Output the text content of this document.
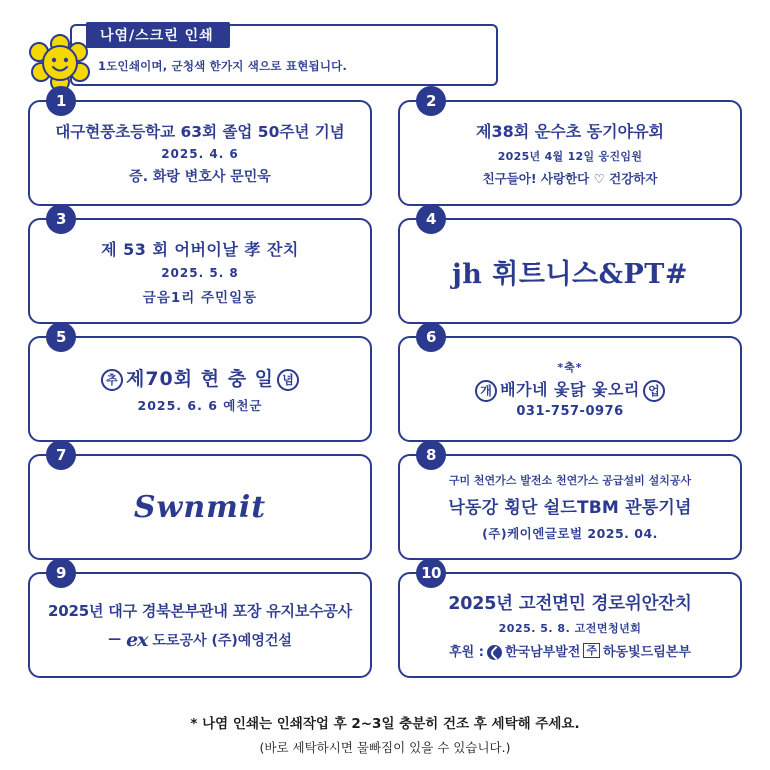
나염/스크린 인쇄
1도인쇄이며, 군청색 한가지 색으로 표현됩니다.
1
대구현풍초등학교 63회 졸업 50주년 기념
2025. 4. 6
증. 화랑 변호사 문민욱
2
제38회 운수초 동기야유회
2025년 4월 12일 웅진임원
친구들아! 사랑한다 ♡ 건강하자
3
제 53 회 어버이날 孝 잔치
2025. 5. 8
금음1리 주민일동
4
jh 휘트니스&PT#
5
추 제70회 현 충 일 념
2025. 6. 6 예천군
6
*축*
개 배가네 옻닭 옻오리 업
031-757-0976
7
Swnmit
8
구미 천연가스 발전소 천연가스 공급설비 설치공사
낙동강 횡단 쉴드TBM 관통기념
(주)케이엔글로벌 2025. 04.
9
2025년 대구 경북본부관내 포장 유지보수공사
— ex 도로공사 (주)예영건설
10
2025년 고전면민 경로위안잔치
2025. 5. 8. 고전면청년회
후원 : 한국남부발전 주 하동빛드림본부
* 나염 인쇄는 인쇄작업 후 2~3일 충분히 건조 후 세탁해 주세요.
(바로 세탁하시면 물빠짐이 있을 수 있습니다.)
